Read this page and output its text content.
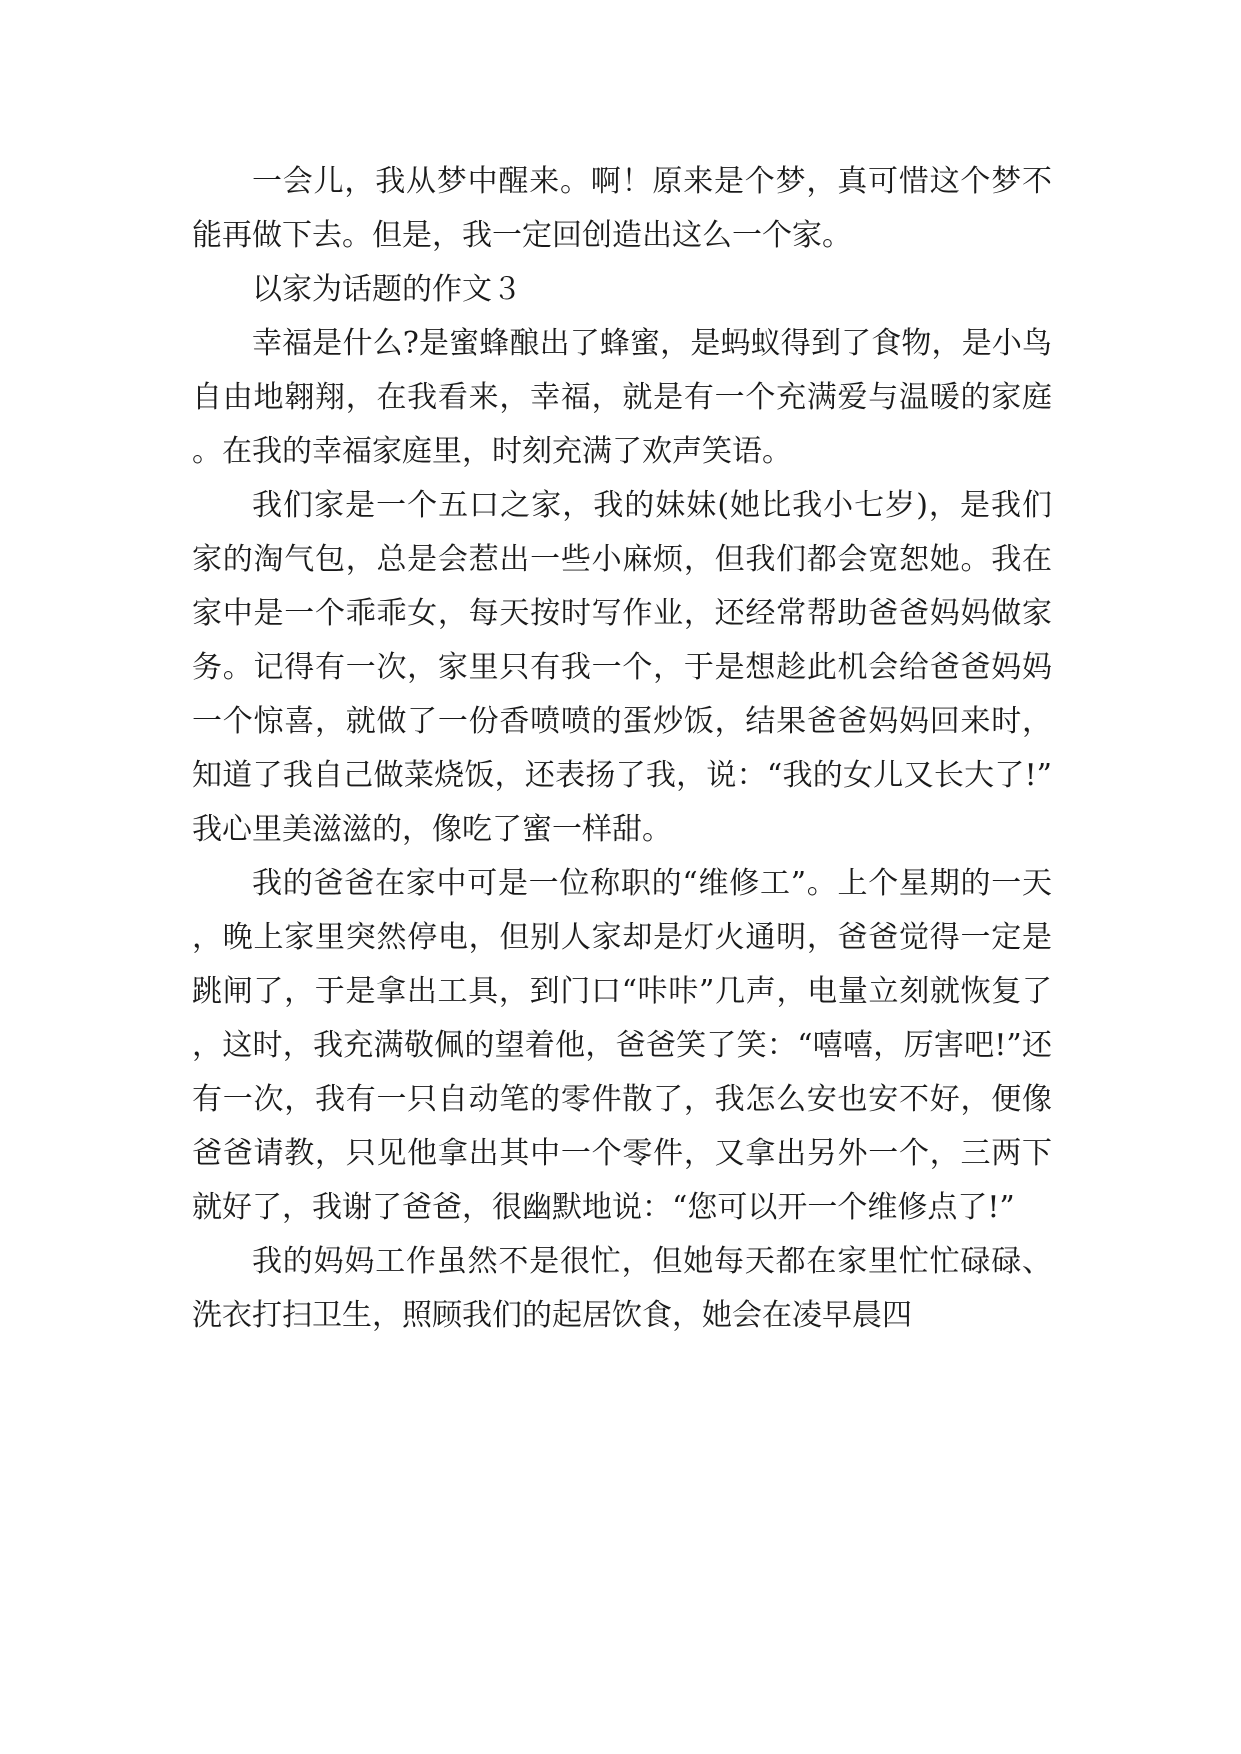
一会儿，我从梦中醒来。啊！原来是个梦，真可惜这个梦不能再做下去。但是，我一定回创造出这么一个家。

以家为话题的作文３

幸福是什么?是蜜蜂酿出了蜂蜜，是蚂蚁得到了食物，是小鸟自由地翱翔，在我看来，幸福，就是有一个充满爱与温暖的家庭。在我的幸福家庭里，时刻充满了欢声笑语。

我们家是一个五口之家，我的妹妹(她比我小七岁)，是我们家的淘气包，总是会惹出一些小麻烦，但我们都会宽恕她。我在家中是一个乖乖女，每天按时写作业，还经常帮助爸爸妈妈做家务。记得有一次，家里只有我一个，于是想趁此机会给爸爸妈妈一个惊喜，就做了一份香喷喷的蛋炒饭，结果爸爸妈妈回来时，知道了我自己做菜烧饭，还表扬了我，说：“我的女儿又长大了!”我心里美滋滋的，像吃了蜜一样甜。

我的爸爸在家中可是一位称职的“维修工”。上个星期的一天，晚上家里突然停电，但别人家却是灯火通明，爸爸觉得一定是跳闸了，于是拿出工具，到门口“咔咔”几声，电量立刻就恢复了，这时，我充满敬佩的望着他，爸爸笑了笑：“嘻嘻，厉害吧!”还有一次，我有一只自动笔的零件散了，我怎么安也安不好，便像爸爸请教，只见他拿出其中一个零件，又拿出另外一个，三两下就好了，我谢了爸爸，很幽默地说：“您可以开一个维修点了!”

我的妈妈工作虽然不是很忙，但她每天都在家里忙忙碌碌、洗衣打扫卫生，照顾我们的起居饮食，她会在凌早晨四
